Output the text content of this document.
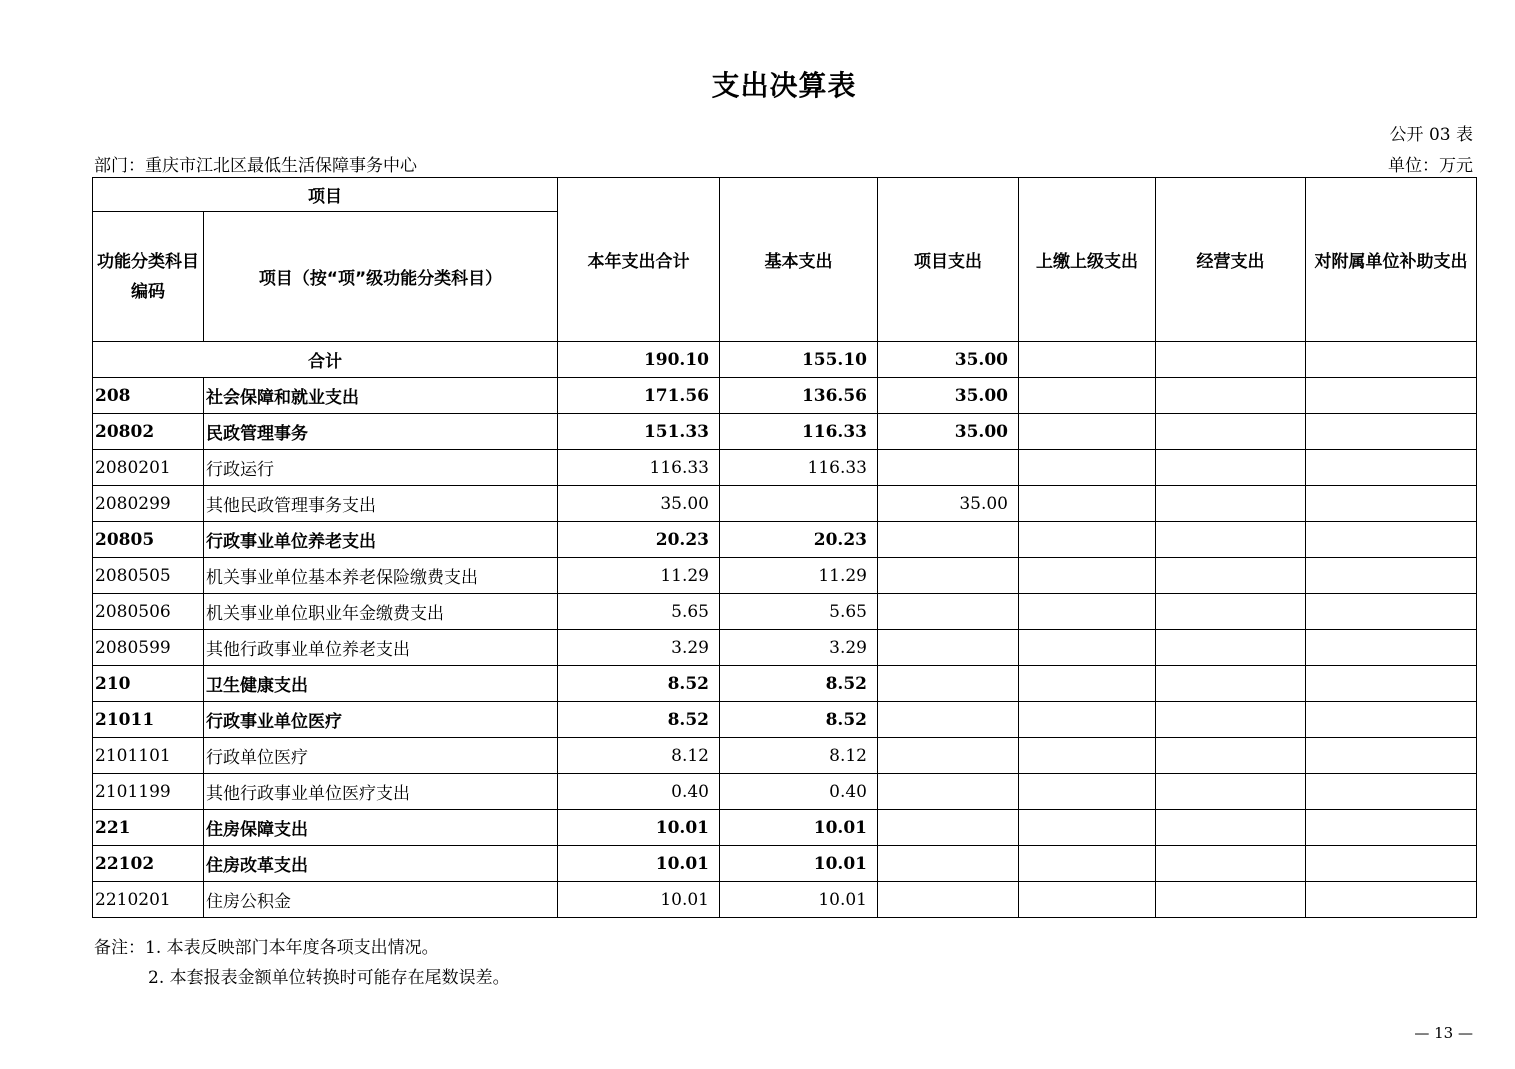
支出决算表
公开 03 表
部门：重庆市江北区最低生活保障事务中心	单位：万元
项目		本年支出合计	基本支出	项目支出	上缴上级支出	经营支出	对附属单位补助支出
功能分类科目编码	项目（按“项”级功能分类科目）						
合计		190.10	155.10	35.00			
208	社会保障和就业支出	171.56	136.56	35.00			
20802	民政管理事务	151.33	116.33	35.00			
2080201	行政运行	116.33	116.33				
2080299	其他民政管理事务支出	35.00		35.00			
20805	行政事业单位养老支出	20.23	20.23				
2080505	机关事业单位基本养老保险缴费支出	11.29	11.29				
2080506	机关事业单位职业年金缴费支出	5.65	5.65				
2080599	其他行政事业单位养老支出	3.29	3.29				
210	卫生健康支出	8.52	8.52				
21011	行政事业单位医疗	8.52	8.52				
2101101	行政单位医疗	8.12	8.12				
2101199	其他行政事业单位医疗支出	0.40	0.40				
221	住房保障支出	10.01	10.01				
22102	住房改革支出	10.01	10.01				
2210201	住房公积金	10.01	10.01				
备注：1. 本表反映部门本年度各项支出情况。
2. 本套报表金额单位转换时可能存在尾数误差。
— 13 —
